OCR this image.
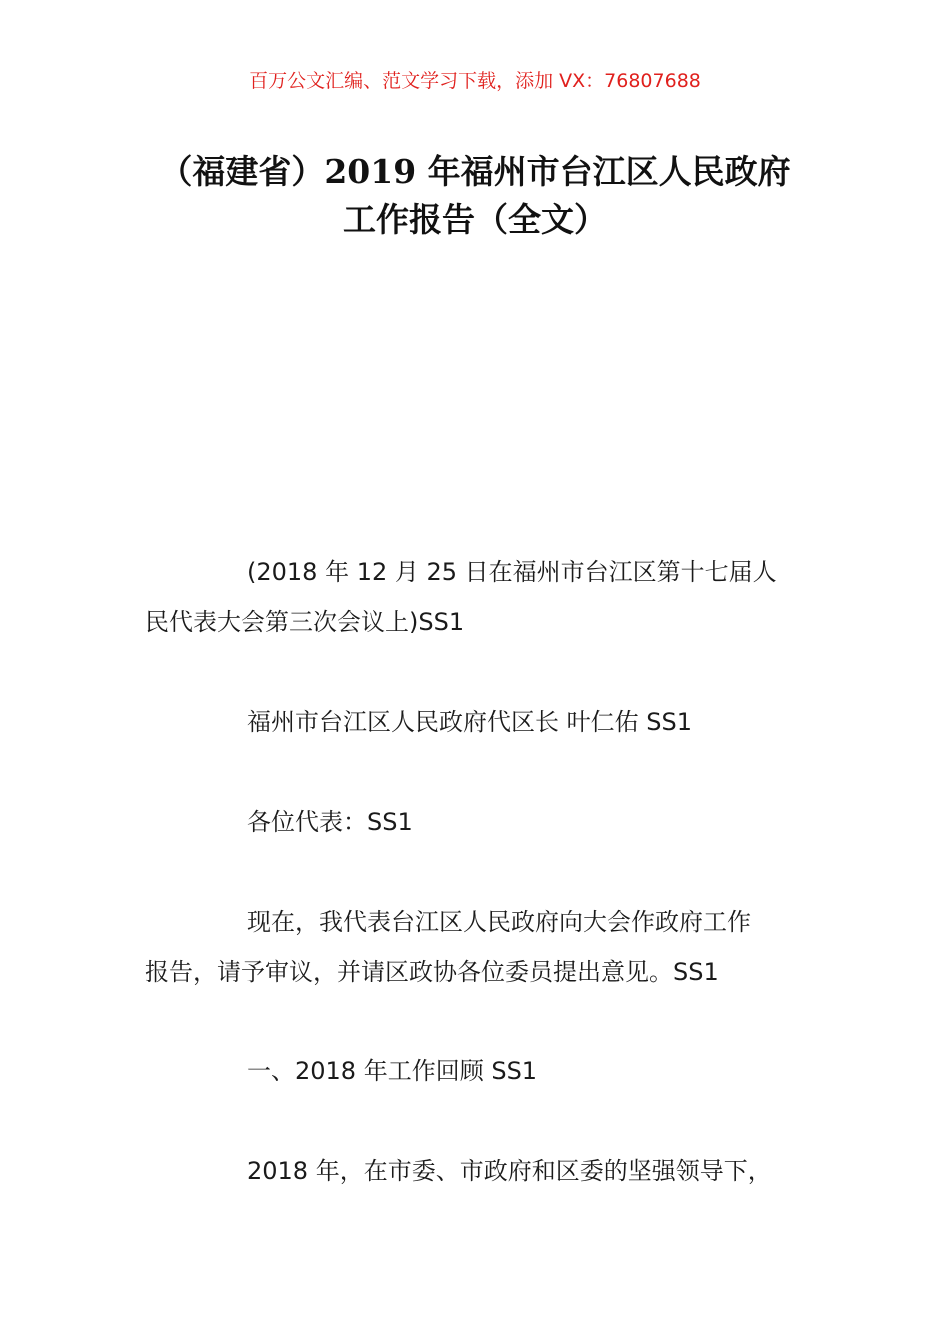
百万公文汇编、范文学习下载，添加 VX：76807688
（福建省）2019 年福州市台江区人民政府
工作报告（全文）
(2018 年 12 月 25 日在福州市台江区第十七届人
民代表大会第三次会议上)SS1
福州市台江区人民政府代区长 叶仁佑 SS1
各位代表：SS1
现在，我代表台江区人民政府向大会作政府工作
报告，请予审议，并请区政协各位委员提出意见。SS1
一、2018 年工作回顾 SS1
2018 年，在市委、市政府和区委的坚强领导下，
